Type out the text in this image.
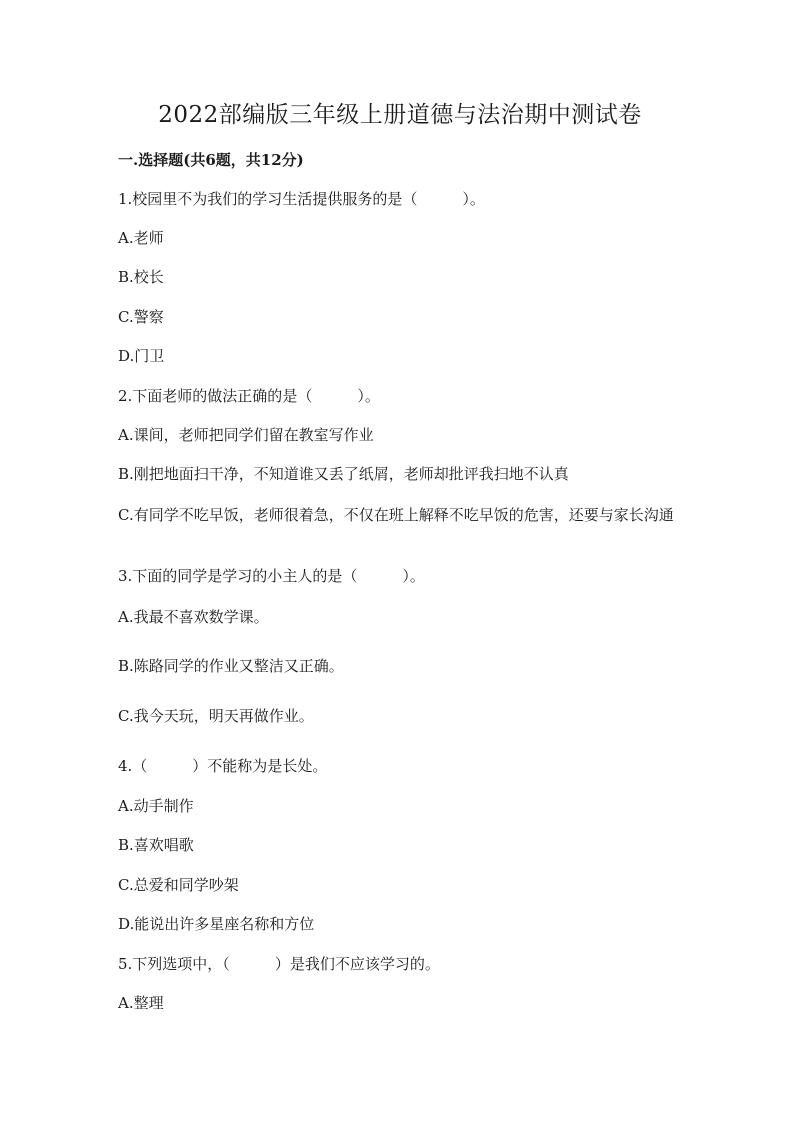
2022部编版三年级上册道德与法治期中测试卷
一.选择题(共6题，共12分)
1.校园里不为我们的学习生活提供服务的是（　　　）。
A.老师
B.校长
C.警察
D.门卫
2.下面老师的做法正确的是（　　　）。
A.课间，老师把同学们留在教室写作业
B.刚把地面扫干净，不知道谁又丢了纸屑，老师却批评我扫地不认真
C.有同学不吃早饭，老师很着急，不仅在班上解释不吃早饭的危害，还要与家长沟通
3.下面的同学是学习的小主人的是（　　　）。
A.我最不喜欢数学课。
B.陈路同学的作业又整洁又正确。
C.我今天玩，明天再做作业。
4.（　　　）不能称为是长处。
A.动手制作
B.喜欢唱歌
C.总爱和同学吵架
D.能说出许多星座名称和方位
5.下列选项中，（　　　）是我们不应该学习的。
A.整理
